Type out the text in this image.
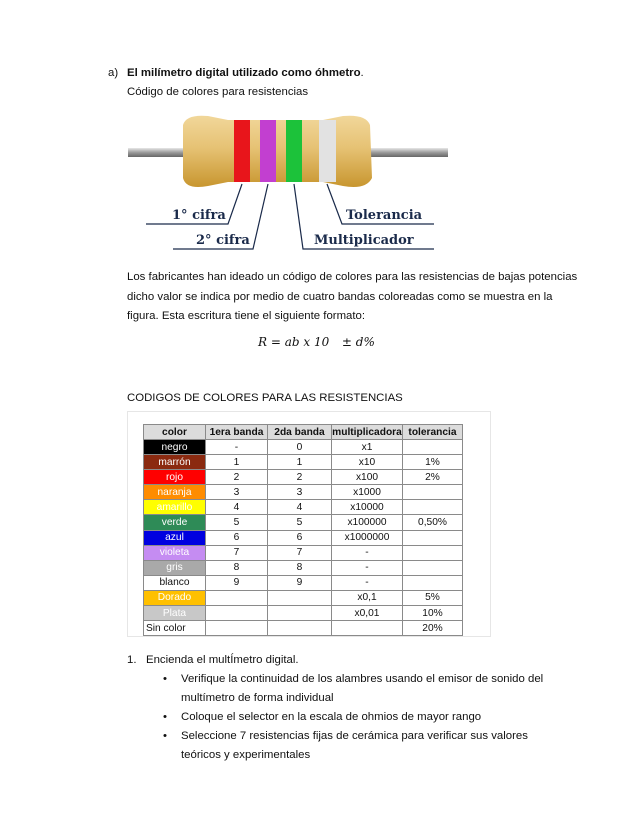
a) El milímetro digital utilizado como óhmetro.
Código de colores para resistencias
1° cifra
2° cifra
Tolerancia
Multiplicador
Los fabricantes han ideado un código de colores para las resistencias de bajas potencias dicho valor se indica por medio de cuatro bandas coloreadas como se muestra en la figura. Esta escritura tiene el siguiente formato:
R = ab x 10 ± d%
CODIGOS DE COLORES PARA LAS RESISTENCIAS
color	1era banda	2da banda	multiplicadora	tolerancia
negro	-	0	x1	
marrón	1	1	x10	1%
rojo	2	2	x100	2%
naranja	3	3	x1000	
amarillo	4	4	x10000	
verde	5	5	x100000	0,50%
azul	6	6	x1000000	
violeta	7	7	-	
gris	8	8	-	
blanco	9	9	-	
Dorado			x0,1	5%
Plata			x0,01	10%
Sin color				20%
1. Encienda el multÍmetro digital.
• Verifique la continuidad de los alambres usando el emisor de sonido del multímetro de forma individual
• Coloque el selector en la escala de ohmios de mayor rango
• Seleccione 7 resistencias fijas de cerámica para verificar sus valores teóricos y experimentales
